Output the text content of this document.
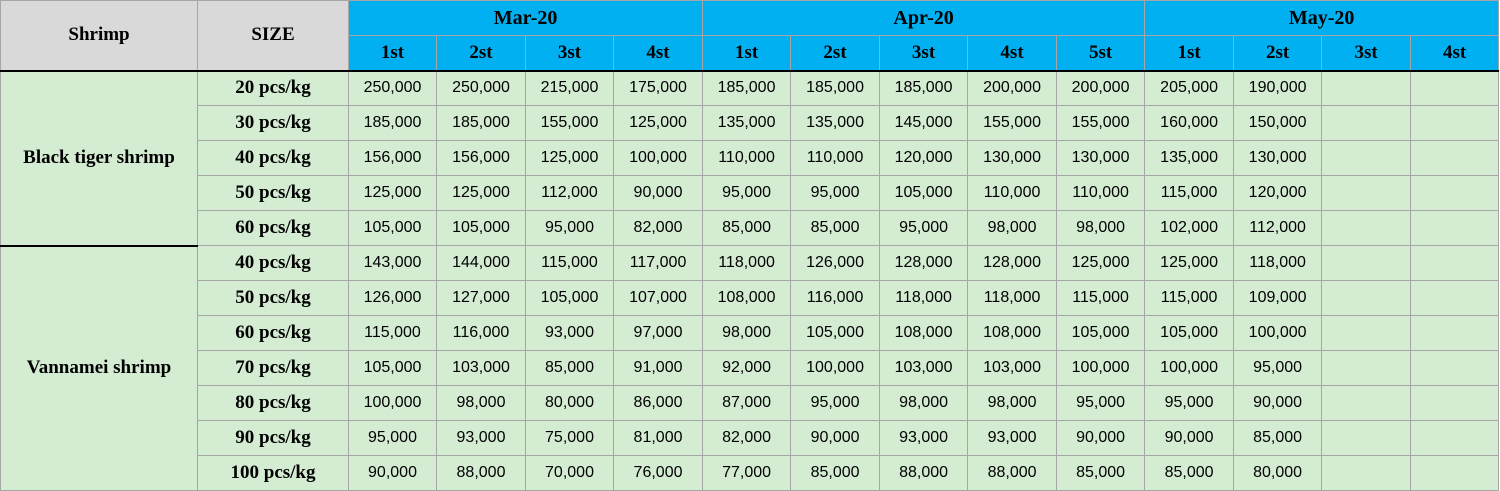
Shrimp	SIZE	Mar-20				Apr-20					May-20			
		1st	2st	3st	4st	1st	2st	3st	4st	5st	1st	2st	3st	4st
Black tiger shrimp	20 pcs/kg	250,000	250,000	215,000	175,000	185,000	185,000	185,000	200,000	200,000	205,000	190,000		
	30 pcs/kg	185,000	185,000	155,000	125,000	135,000	135,000	145,000	155,000	155,000	160,000	150,000		
	40 pcs/kg	156,000	156,000	125,000	100,000	110,000	110,000	120,000	130,000	130,000	135,000	130,000		
	50 pcs/kg	125,000	125,000	112,000	90,000	95,000	95,000	105,000	110,000	110,000	115,000	120,000		
	60 pcs/kg	105,000	105,000	95,000	82,000	85,000	85,000	95,000	98,000	98,000	102,000	112,000		
Vannamei shrimp	40 pcs/kg	143,000	144,000	115,000	117,000	118,000	126,000	128,000	128,000	125,000	125,000	118,000		
	50 pcs/kg	126,000	127,000	105,000	107,000	108,000	116,000	118,000	118,000	115,000	115,000	109,000		
	60 pcs/kg	115,000	116,000	93,000	97,000	98,000	105,000	108,000	108,000	105,000	105,000	100,000		
	70 pcs/kg	105,000	103,000	85,000	91,000	92,000	100,000	103,000	103,000	100,000	100,000	95,000		
	80 pcs/kg	100,000	98,000	80,000	86,000	87,000	95,000	98,000	98,000	95,000	95,000	90,000		
	90 pcs/kg	95,000	93,000	75,000	81,000	82,000	90,000	93,000	93,000	90,000	90,000	85,000		
	100 pcs/kg	90,000	88,000	70,000	76,000	77,000	85,000	88,000	88,000	85,000	85,000	80,000		
